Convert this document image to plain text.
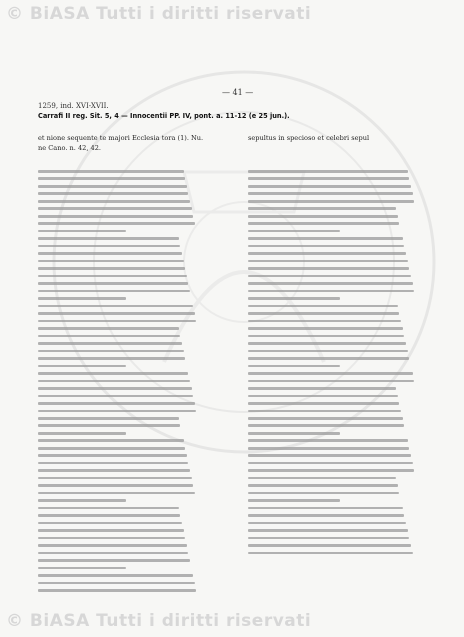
© BiASA Tutti i diritti riservati
— 41 —
1259, ind. XVI-XVII.
Carrafi II reg. Sit. 5, 4 — Innocentii PP. IV, pont. a. 11-12 (e 25 jun.).
et nione sequente te majori Ecclesia tora (1). Nu. ne Cano. n. 42, 42.
sepultus in specioso et celebri sepul
© BiASA Tutti i diritti riservati
